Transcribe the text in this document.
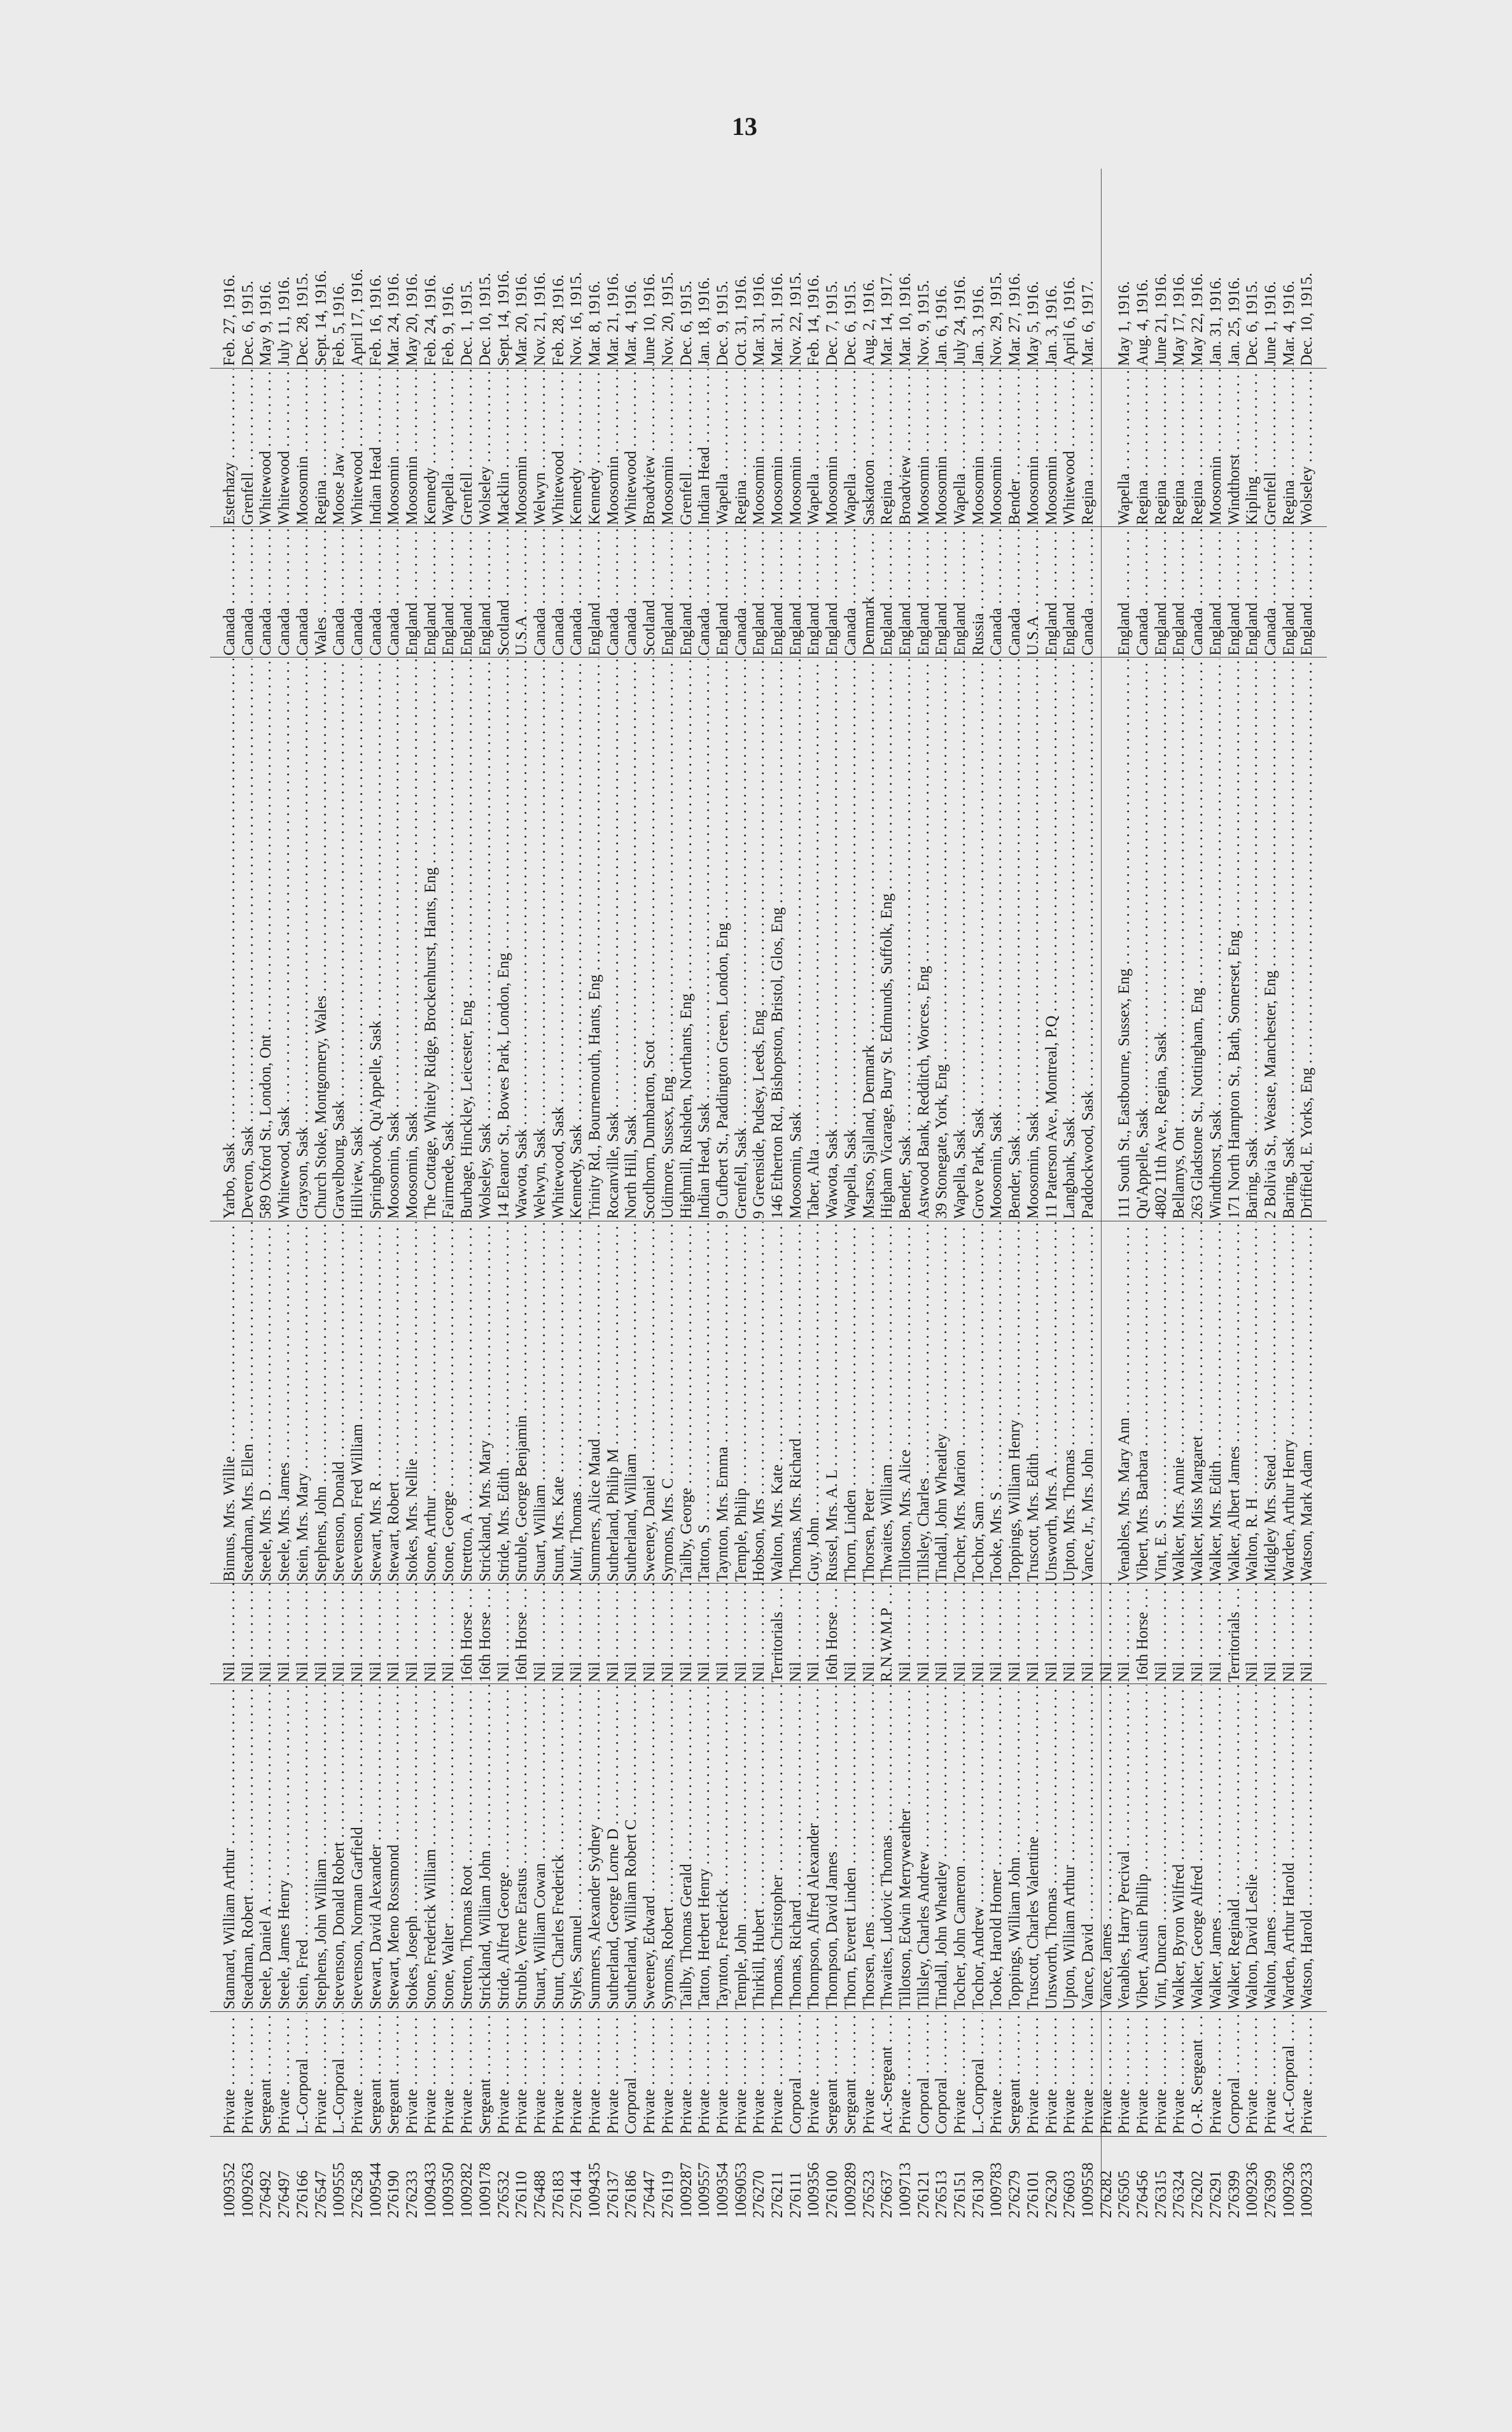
13
1009352
Private . . .
Stannard, William Arthur . . .
Nil . . .
Binnus, Mrs. Willie . . .
Yarbo, Sask . . .
Canada . . .
Esterhazy . . .
Feb. 27, 1916.
1009263
Private . . .
Steadman, Robert . . .
Nil . . .
Steadman, Mrs. Ellen . . .
Deveron, Sask . . .
Canada . . .
Grenfell . . .
Dec. 6, 1915.
276492
Sergeant . . .
Steele, Daniel A . . .
Nil . . .
Steele, Mrs. D . . .
589 Oxford St., London, Ont . . .
Canada . . .
Whitewood . . .
May 9, 1916.
276497
Private . . .
Steele, James Henry . . .
Nil . . .
Steele, Mrs. James . . .
Whitewood, Sask . . .
Canada . . .
Whitewood . . .
July 11, 1916.
276166
L.-Corporal . . .
Stein, Fred . . .
Nil . . .
Stein, Mrs. Mary . . .
Grayson, Sask . . .
Canada . . .
Moosomin . . .
Dec. 28, 1915.
276547
Private . . .
Stephens, John William . . .
Nil . . .
Stephens, John . . .
Church Stoke, Montgomery, Wales . . .
Wales . . .
Regina . . .
Sept. 14, 1916.
1009555
L.-Corporal . . .
Stevenson, Donald Robert . . .
Nil . . .
Stevenson, Donald . . .
Gravelbourg, Sask . . .
Canada . . .
Moose Jaw . . .
Feb. 5, 1916.
276258
Private . . .
Stevenson, Norman Garfield . . .
Nil . . .
Stevenson, Fred William . . .
Hillview, Sask . . .
Canada . . .
Whitewood . . .
April 17, 1916.
1009544
Sergeant . . .
Stewart, David Alexander . . .
Nil . . .
Stewart, Mrs. R . . .
Springbrook, Qu'Appelle, Sask . . .
Canada . . .
Indian Head . . .
Feb. 16, 1916.
276190
Sergeant . . .
Stewart, Meno Rossmond . . .
Nil . . .
Stewart, Robert . . .
Moosomin, Sask . . .
Canada . . .
Moosomin . . .
Mar. 24, 1916.
276233
Private . . .
Stokes, Joseph . . .
Nil . . .
Stokes, Mrs. Nellie . . .
Moosomin, Sask . . .
England . . .
Moosomin . . .
May 20, 1916.
1009433
Private . . .
Stone, Frederick William . . .
Nil . . .
Stone, Arthur . . .
The Cottage, Whitely Ridge, Brockenhurst, Hants, Eng . . .
England . . .
Kennedy . . .
Feb. 24, 1916.
1009350
Private . . .
Stone, Walter . . .
Nil . . .
Stone, George . . .
Fairmede, Sask . . .
England . . .
Wapella . . .
Feb. 9, 1916.
1009282
Private . . .
Stretton, Thomas Root . . .
16th Horse . . .
Stretton, A . . .
Burbage, Hinckley, Leicester, Eng . . .
England . . .
Grenfell . . .
Dec. 1, 1915.
1009178
Sergeant . . .
Strickland, William John . . .
16th Horse . . .
Strickland, Mrs. Mary . . .
Wolseley, Sask . . .
England . . .
Wolseley . . .
Dec. 10, 1915.
276532
Private . . .
Stride, Alfred George . . .
Nil . . .
Stride, Mrs. Edith . . .
14 Eleanor St., Bowes Park, London, Eng . . .
Scotland . . .
Macklin . . .
Sept. 14, 1916.
276110
Private . . .
Struble, Verne Erastus . . .
16th Horse . . .
Struble, George Benjamin . . .
Wawota, Sask . . .
U.S.A . . .
Moosomin . . .
Mar. 20, 1916.
276488
Private . . .
Stuart, William Cowan . . .
Nil . . .
Stuart, William . . .
Welwyn, Sask . . .
Canada . . .
Welwyn . . .
Nov. 21, 1916.
276183
Private . . .
Stunt, Charles Frederick . . .
Nil . . .
Stunt, Mrs. Kate . . .
Whitewood, Sask . . .
Canada . . .
Whitewood . . .
Feb. 28, 1916.
276144
Private . . .
Styles, Samuel . . .
Nil . . .
Muir, Thomas . . .
Kennedy, Sask . . .
Canada . . .
Kennedy . . .
Nov. 16, 1915.
1009435
Private . . .
Summers, Alexander Sydney . . .
Nil . . .
Summers, Alice Maud . . .
Trinity Rd., Bournemouth, Hants, Eng . . .
England . . .
Kennedy . . .
Mar. 8, 1916.
276137
Private . . .
Sutherland, George Lorne D . . .
Nil . . .
Sutherland, Philip M . . .
Rocanville, Sask . . .
Canada . . .
Moosomin . . .
Mar. 21, 1916.
276186
Corporal . . .
Sutherland, William Robert C . . .
Nil . . .
Sutherland, William . . .
North Hill, Sask . . .
Canada . . .
Whitewood . . .
Mar. 4, 1916.
276447
Private . . .
Sweeney, Edward . . .
Nil . . .
Sweeney, Daniel . . .
Scotlhorn, Dumbarton, Scot . . .
Scotland . . .
Broadview . . .
June 10, 1916.
276119
Private . . .
Symons, Robert . . .
Nil . . .
Symons, Mrs. C . . .
Udimore, Sussex, Eng . . .
England . . .
Moosomin . . .
Nov. 20, 1915.
1009287
Private . . .
Tailby, Thomas Gerald . . .
Nil . . .
Tailby, George . . .
Highmill, Rushden, Northants, Eng . . .
England . . .
Grenfell . . .
Dec. 6, 1915.
1009557
Private . . .
Tatton, Herbert Henry . . .
Nil . . .
Tatton, S . . .
Indian Head, Sask . . .
Canada . . .
Indian Head . . .
Jan. 18, 1916.
1009354
Private . . .
Taynton, Frederick . . .
Nil . . .
Taynton, Mrs. Emma . . .
9 Cufbert St., Paddington Green, London, Eng . . .
England . . .
Wapella . . .
Dec. 9, 1915.
1069053
Private . . .
Temple, John . . .
Nil . . .
Temple, Philip . . .
Grenfell, Sask . . .
Canada . . .
Regina . . .
Oct. 31, 1916.
276270
Private . . .
Thirkill, Hubert . . .
Nil . . .
Hobson, Mrs . . .
9 Greenside, Pudsey, Leeds, Eng . . .
England . . .
Moosomin . . .
Mar. 31, 1916.
276211
Private . . .
Thomas, Christopher . . .
Territorials . . .
Walton, Mrs. Kate . . .
146 Etherton Rd., Bishopston, Bristol, Glos, Eng . . .
England . . .
Moosomin . . .
Mar. 31, 1916.
276111
Corporal . . .
Thomas, Richard . . .
Nil . . .
Thomas, Mrs. Richard . . .
Moosomin, Sask . . .
England . . .
Moosomin . . .
Nov. 22, 1915.
1009356
Private . . .
Thompson, Alfred Alexander . . .
Nil . . .
Guy, John . . .
Taber, Alta . . .
England . . .
Wapella . . .
Feb. 14, 1916.
276100
Sergeant . . .
Thompson, David James . . .
16th Horse . . .
Russel, Mrs. A. L . . .
Wawota, Sask . . .
England . . .
Moosomin . . .
Dec. 7, 1915.
1009289
Sergeant . . .
Thorn, Everett Linden . . .
Nil . . .
Thorn, Linden . . .
Wapella, Sask . . .
Canada . . .
Wapella . . .
Dec. 6, 1915.
276523
Private . . .
Thorsen, Jens . . .
Nil . . .
Thorsen, Peter . . .
Msarso, Sjalland, Denmark . . .
Denmark . . .
Saskatoon . . .
Aug. 2, 1916.
276637
Act.-Sergeant . . .
Thwaites, Ludovic Thomas . . .
R.N.W.M.P . . .
Thwaites, William . . .
Higham Vicarage, Bury St. Edmunds, Suffolk, Eng . . .
England . . .
Regina . . .
Mar. 14, 1917.
1009713
Private . . .
Tillotson, Edwin Merryweather . . .
Nil . . .
Tillotson, Mrs. Alice . . .
Bender, Sask . . .
England . . .
Broadview . . .
Mar. 10, 1916.
276121
Corporal . . .
Tillsley, Charles Andrew . . .
Nil . . .
Tillsley, Charles . . .
Astwood Bank, Redditch, Worces., Eng . . .
England . . .
Moosomin . . .
Nov. 9, 1915.
276513
Corporal . . .
Tindall, John Wheatley . . .
Nil . . .
Tindall, John Wheatley . . .
39 Stonegate, York, Eng . . .
England . . .
Moosomin . . .
Jan. 6, 1916.
276151
Private . . .
Tocher, John Cameron . . .
Nil . . .
Tocher, Mrs. Marion . . .
Wapella, Sask . . .
England . . .
Wapella . . .
July 24, 1916.
276130
L.-Corporal . . .
Tochor, Andrew . . .
Nil . . .
Tochor, Sam . . .
Grove Park, Sask . . .
Russia . . .
Moosomin . . .
Jan. 3, 1916.
1009783
Private . . .
Tooke, Harold Homer . . .
Nil . . .
Tooke, Mrs. S . . .
Moosomin, Sask . . .
Canada . . .
Moosomin . . .
Nov. 29, 1915.
276279
Sergeant . . .
Toppings, William John . . .
Nil . . .
Toppings, William Henry . . .
Bender, Sask . . .
Canada . . .
Bender . . .
Mar. 27, 1916.
276101
Private . . .
Truscott, Charles Valentine . . .
Nil . . .
Truscott, Mrs. Edith . . .
Moosomin, Sask . . .
U.S.A . . .
Moosomin . . .
May 5, 1916.
276230
Private . . .
Unsworth, Thomas . . .
Nil . . .
Unsworth, Mrs. A . . .
11 Paterson Ave., Montreal, P.Q . . .
England . . .
Moosomin . . .
Jan. 3, 1916.
276603
Private . . .
Upton, William Arthur . . .
Nil . . .
Upton, Mrs. Thomas . . .
Langbank, Sask . . .
England . . .
Whitewood . . .
April 6, 1916.
1009558
Private . . .
Vance, David . . .
Nil . . .
Vance, Jr., Mrs. John . . .
Paddockwood, Sask . . .
Canada . . .
Regina . . .
Mar. 6, 1917.
276282
Private . . .
Vance, James . . .
Nil . . .
276505
Private . . .
Venables, Harry Percival . . .
Nil . . .
Venables, Mrs. Mary Ann . . .
111 South St., Eastbourne, Sussex, Eng . . .
England . . .
Wapella . . .
May 1, 1916.
276456
Private . . .
Vibert, Austin Phillip . . .
16th Horse . . .
Vibert, Mrs. Barbara . . .
Qu'Appelle, Sask . . .
Canada . . .
Regina . . .
Aug. 4, 1916.
276315
Private . . .
Vint, Duncan . . .
Nil . . .
Vint, E. S . . .
4802 11th Ave., Regina, Sask . . .
England . . .
Regina . . .
June 21, 1916.
276324
Private . . .
Walker, Byron Wilfred . . .
Nil . . .
Walker, Mrs. Annie . . .
Bellamys, Ont . . .
England . . .
Regina . . .
May 17, 1916.
276202
O.-R. Sergeant . . .
Walker, George Alfred . . .
Nil . . .
Walker, Miss Margaret . . .
263 Gladstone St., Nottingham, Eng . . .
Canada . . .
Regina . . .
May 22, 1916.
276291
Private . . .
Walker, James . . .
Nil . . .
Walker, Mrs. Edith . . .
Windthorst, Sask . . .
England . . .
Moosomin . . .
Jan. 31, 1916.
276399
Corporal . . .
Walker, Reginald . . .
Territorials . . .
Walker, Albert James . . .
171 North Hampton St., Bath, Somerset, Eng . . .
England . . .
Windthorst . . .
Jan. 25, 1916.
1009236
Private . . .
Walton, David Leslie . . .
Nil . . .
Walton, R. H . . .
Baring, Sask . . .
England . . .
Kipling . . .
Dec. 6, 1915.
276399
Private . . .
Walton, James . . .
Nil . . .
Midgley Mrs. Stead . . .
2 Bolivia St., Weaste, Manchester, Eng . . .
Canada . . .
Grenfell . . .
June 1, 1916.
1009236
Act.-Corporal . . .
Warden, Arthur Harold . . .
Nil . . .
Warden, Arthur Henry . . .
Baring, Sask . . .
England . . .
Regina . . .
Mar. 4, 1916.
1009233
Private . . .
Watson, Harold . . .
Nil . . .
Watson, Mark Adam . . .
Driffield, E. Yorks, Eng . . .
England . . .
Wolseley . . .
Dec. 10, 1915.
